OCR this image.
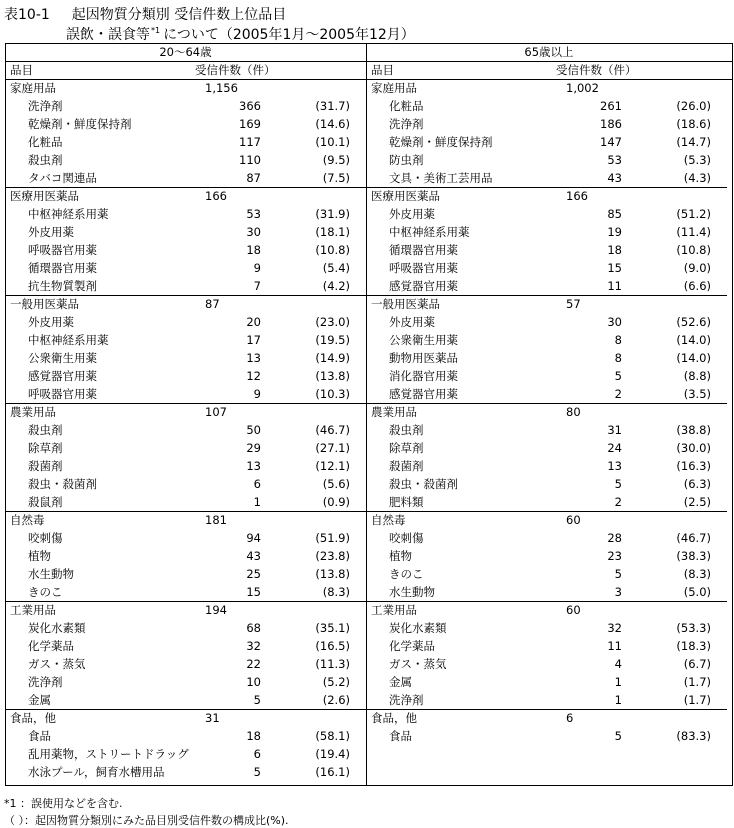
表10-1 起因物質分類別 受信件数上位品目
誤飲・誤食等$^{*1}$ について（2005年1月～2005年12月）
20～64歳	65歳以上
品目	受信件数（件）	品目	受信件数（件）
家庭用品	1,156
洗浄剤	366	(31.7)
乾燥剤・鮮度保持剤	169	(14.6)
化粧品	117	(10.1)
殺虫剤	110	(9.5)
タバコ関連品	87	(7.5)
医療用医薬品	166
中枢神経系用薬	53	(31.9)
外皮用薬	30	(18.1)
呼吸器官用薬	18	(10.8)
循環器官用薬	9	(5.4)
抗生物質製剤	7	(4.2)
一般用医薬品	87
外皮用薬	20	(23.0)
中枢神経系用薬	17	(19.5)
公衆衛生用薬	13	(14.9)
感覚器官用薬	12	(13.8)
呼吸器官用薬	9	(10.3)
農業用品	107
殺虫剤	50	(46.7)
除草剤	29	(27.1)
殺菌剤	13	(12.1)
殺虫・殺菌剤	6	(5.6)
殺鼠剤	1	(0.9)
自然毒	181
咬刺傷	94	(51.9)
植物	43	(23.8)
水生動物	25	(13.8)
きのこ	15	(8.3)
工業用品	194
炭化水素類	68	(35.1)
化学薬品	32	(16.5)
ガス・蒸気	22	(11.3)
洗浄剤	10	(5.2)
金属	5	(2.6)
食品，他	31
食品	18	(58.1)
乱用薬物，ストリートドラッグ	6	(19.4)
水泳プール，飼育水槽用品	5	(16.1)
家庭用品	1,002
化粧品	261	(26.0)
洗浄剤	186	(18.6)
乾燥剤・鮮度保持剤	147	(14.7)
防虫剤	53	(5.3)
文具・美術工芸用品	43	(4.3)
医療用医薬品	166
外皮用薬	85	(51.2)
中枢神経系用薬	19	(11.4)
循環器官用薬	18	(10.8)
呼吸器官用薬	15	(9.0)
感覚器官用薬	11	(6.6)
一般用医薬品	57
外皮用薬	30	(52.6)
公衆衛生用薬	8	(14.0)
動物用医薬品	8	(14.0)
消化器官用薬	5	(8.8)
感覚器官用薬	2	(3.5)
農業用品	80
殺虫剤	31	(38.8)
除草剤	24	(30.0)
殺菌剤	13	(16.3)
殺虫・殺菌剤	5	(6.3)
肥料類	2	(2.5)
自然毒	60
咬刺傷	28	(46.7)
植物	23	(38.3)
きのこ	5	(8.3)
水生動物	3	(5.0)
工業用品	60
炭化水素類	32	(53.3)
化学薬品	11	(18.3)
ガス・蒸気	4	(6.7)
金属	1	(1.7)
洗浄剤	1	(1.7)
食品，他	6
食品	5	(83.3)
*1 ：誤使用などを含む.
（ ）：起因物質分類別にみた品目別受信件数の構成比(%).
